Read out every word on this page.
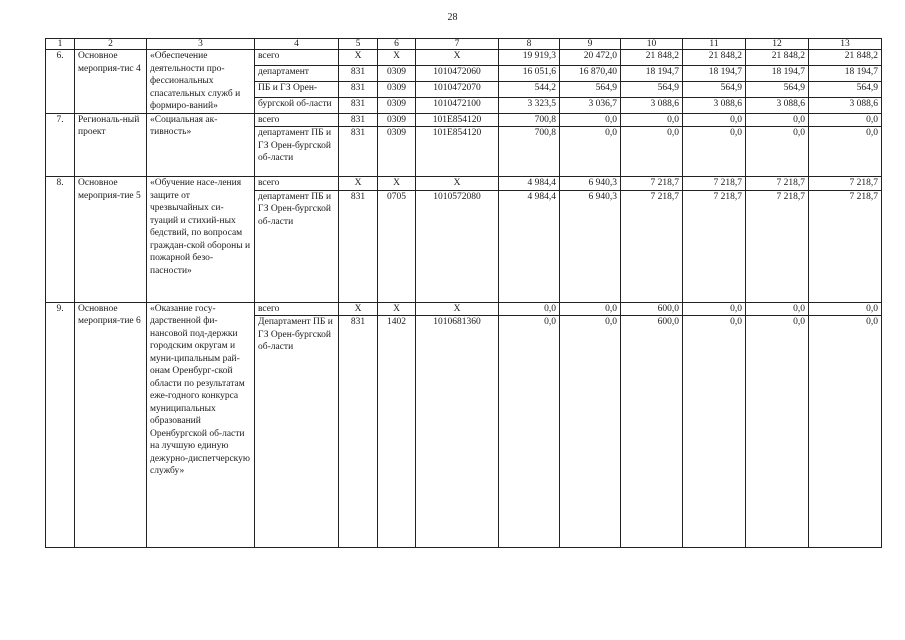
28
1	2	3	4	5	6	7	8	9	10	11	12	13
6.	Основное мероприя-тис 4	«Обеспечение деятельности про-фессиональных спасательных служб и формиро-ваний»	всего	Х	Х	Х	19 919,3	20 472,0	21 848,2	21 848,2	21 848,2	21 848,2
			департамент	831	0309	1010472060	16 051,6	16 870,40	18 194,7	18 194,7	18 194,7	18 194,7
			ПБ и ГЗ Орен-	831	0309	1010472070	544,2	564,9	564,9	564,9	564,9	564,9
			бургской об-ласти	831	0309	1010472100	3 323,5	3 036,7	3 088,6	3 088,6	3 088,6	3 088,6
7.	Региональ-ный проект	«Социальная ак-тивность»	всего	831	0309	101E854120	700,8	0,0	0,0	0,0	0,0	0,0
			департамент ПБ и ГЗ Орен-бургской об-ласти	831	0309	101E854120	700,8	0,0	0,0	0,0	0,0	0,0
8.	Основное мероприя-тие 5	«Обучение насе-ления защите от чрезвычайных си-туаций и стихий-ных бедствий, по вопросам граждан-ской обороны и пожарной безо-пасности»	всего	Х	Х	Х	4 984,4	6 940,3	7 218,7	7 218,7	7 218,7	7 218,7
			департамент ПБ и ГЗ Орен-бургской об-ласти	831	0705	1010572080	4 984,4	6 940,3	7 218,7	7 218,7	7 218,7	7 218,7
9.	Основное мероприя-тие 6	«Оказание госу-дарственной фи-нансовой под-держки городским округам и муни-ципальным рай-онам Оренбург-ской области по результатам еже-годного конкурса муниципальных образований Оренбургской об-ласти на лучшую единую дежурно-диспетчерскую службу»	всего	Х	Х	Х	0,0	0,0	600,0	0,0	0,0	0,0
			Департамент ПБ и ГЗ Орен-бургской об-ласти	831	1402	1010681360	0,0	0,0	600,0	0,0	0,0	0,0
